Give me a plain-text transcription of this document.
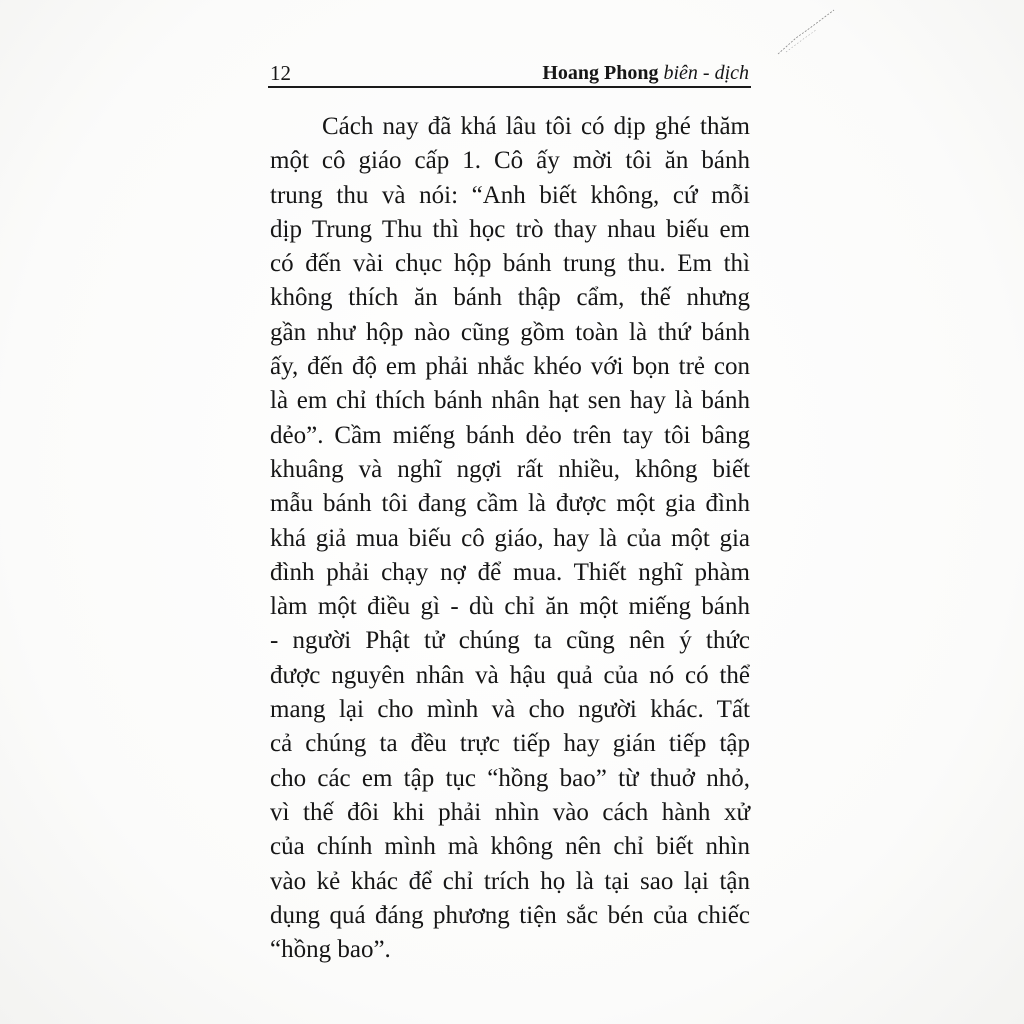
12	Hoang Phong biên - dịch
Cách nay đã khá lâu tôi có dịp ghé thăm
một cô giáo cấp 1. Cô ấy mời tôi ăn bánh
trung thu và nói: “Anh biết không, cứ mỗi
dịp Trung Thu thì học trò thay nhau biếu em
có đến vài chục hộp bánh trung thu. Em thì
không thích ăn bánh thập cẩm, thế nhưng
gần như hộp nào cũng gồm toàn là thứ bánh
ấy, đến độ em phải nhắc khéo với bọn trẻ con
là em chỉ thích bánh nhân hạt sen hay là bánh
dẻo”. Cầm miếng bánh dẻo trên tay tôi bâng
khuâng và nghĩ ngợi rất nhiều, không biết
mẫu bánh tôi đang cầm là được một gia đình
khá giả mua biếu cô giáo, hay là của một gia
đình phải chạy nợ để mua. Thiết nghĩ phàm
làm một điều gì - dù chỉ ăn một miếng bánh
- người Phật tử chúng ta cũng nên ý thức
được nguyên nhân và hậu quả của nó có thể
mang lại cho mình và cho người khác. Tất
cả chúng ta đều trực tiếp hay gián tiếp tập
cho các em tập tục “hồng bao” từ thuở nhỏ,
vì thế đôi khi phải nhìn vào cách hành xử
của chính mình mà không nên chỉ biết nhìn
vào kẻ khác để chỉ trích họ là tại sao lại tận
dụng quá đáng phương tiện sắc bén của chiếc
“hồng bao”.
